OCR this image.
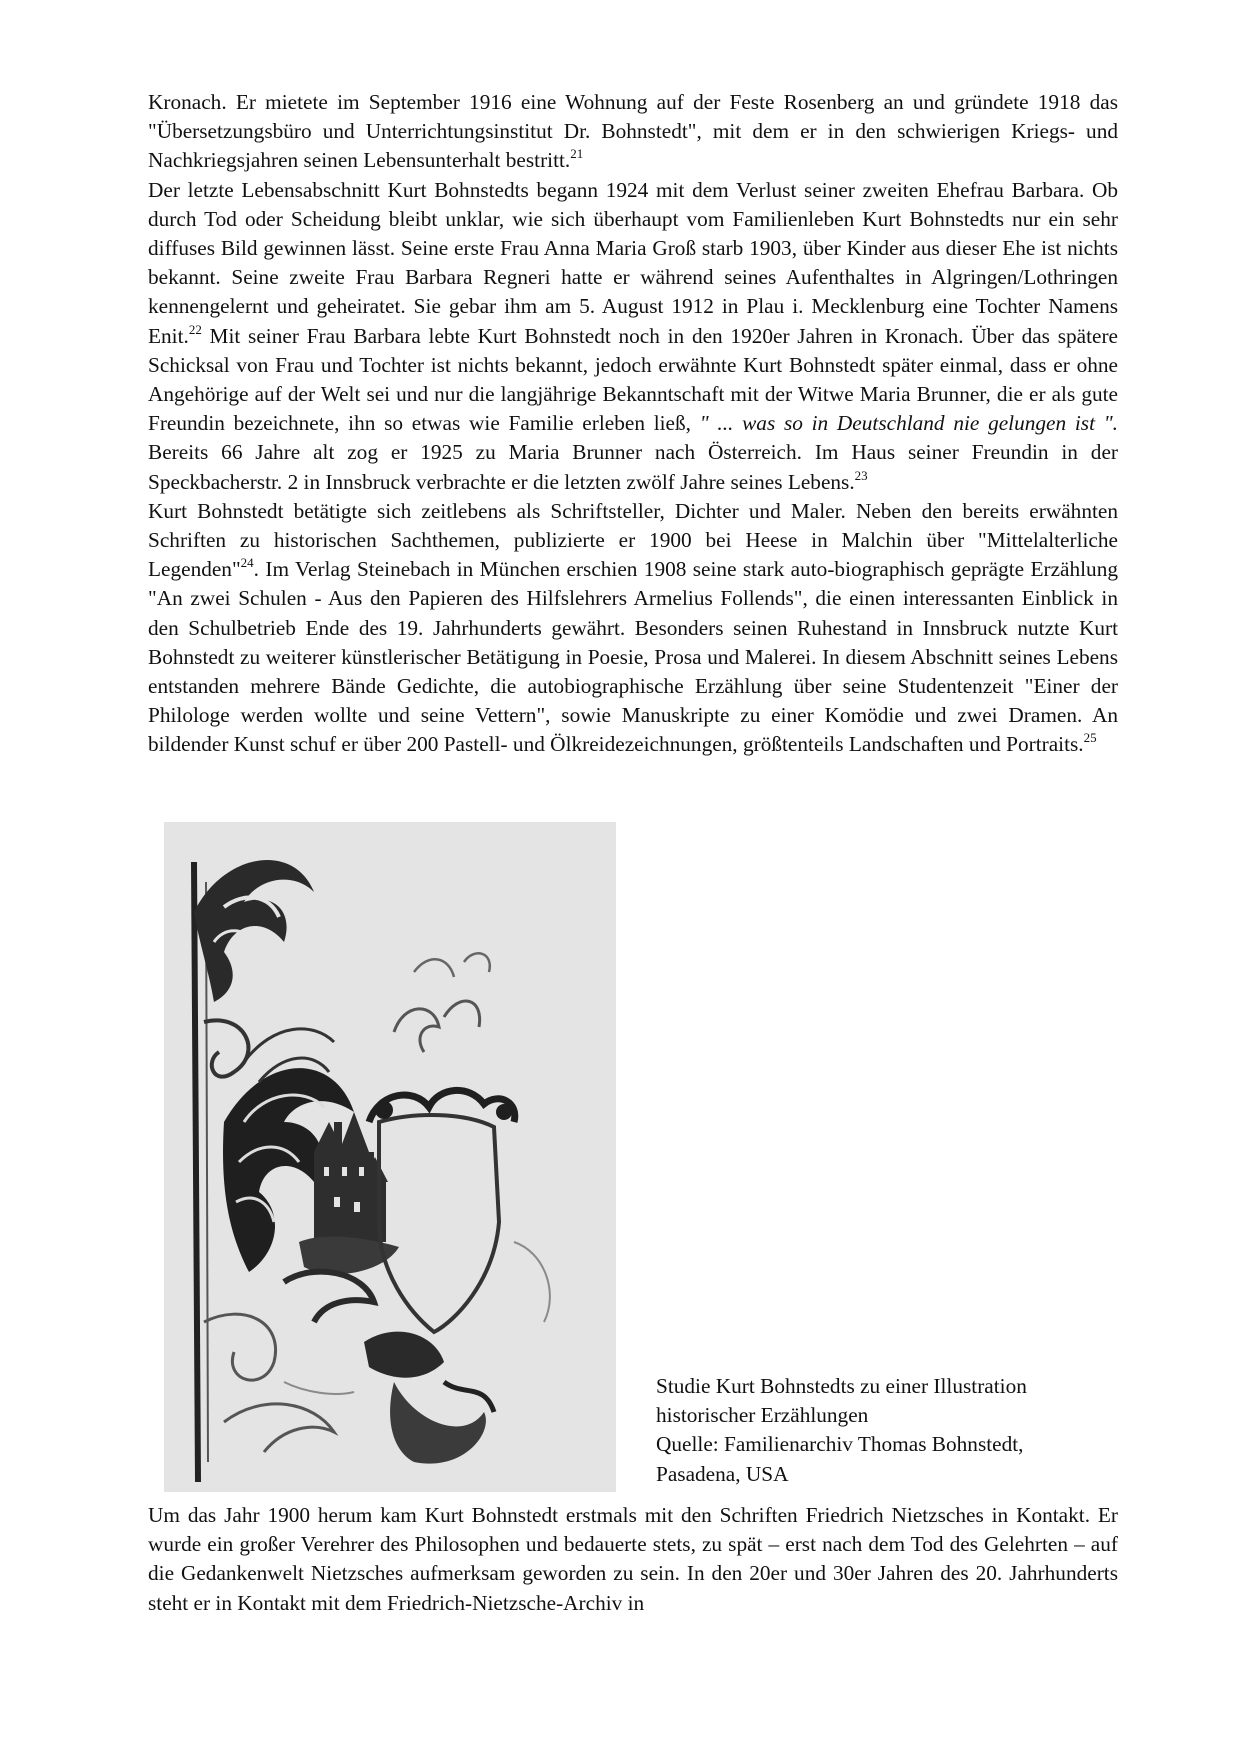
Kronach. Er mietete im September 1916 eine Wohnung auf der Feste Rosenberg an und gründete 1918 das "Übersetzungsbüro und Unterrichtungsinstitut Dr. Bohnstedt", mit dem er in den schwierigen Kriegs- und Nachkriegsjahren seinen Lebensunterhalt bestritt.$^{21}$

Der letzte Lebensabschnitt Kurt Bohnstedts begann 1924 mit dem Verlust seiner zweiten Ehefrau Barbara. Ob durch Tod oder Scheidung bleibt unklar, wie sich überhaupt vom Familienleben Kurt Bohnstedts nur ein sehr diffuses Bild gewinnen lässt. Seine erste Frau Anna Maria Groß starb 1903, über Kinder aus dieser Ehe ist nichts bekannt. Seine zweite Frau Barbara Regneri hatte er während seines Aufenthaltes in Algringen/Lothringen kennengelernt und geheiratet. Sie gebar ihm am 5. August 1912 in Plau i. Mecklenburg eine Tochter Namens Enit.$^{22}$ Mit seiner Frau Barbara lebte Kurt Bohnstedt noch in den 1920er Jahren in Kronach. Über das spätere Schicksal von Frau und Tochter ist nichts bekannt, jedoch erwähnte Kurt Bohnstedt später einmal, dass er ohne Angehörige auf der Welt sei und nur die langjährige Bekanntschaft mit der Witwe Maria Brunner, die er als gute Freundin bezeichnete, ihn so etwas wie Familie erleben ließ, " ... was so in Deutschland nie gelungen ist ". Bereits 66 Jahre alt zog er 1925 zu Maria Brunner nach Österreich. Im Haus seiner Freundin in der Speckbacherstr. 2 in Innsbruck verbrachte er die letzten zwölf Jahre seines Lebens.$^{23}$

Kurt Bohnstedt betätigte sich zeitlebens als Schriftsteller, Dichter und Maler. Neben den bereits erwähnten Schriften zu historischen Sachthemen, publizierte er 1900 bei Heese in Malchin über "Mittelalterliche Legenden"$^{24}$. Im Verlag Steinebach in München erschien 1908 seine stark auto-biographisch geprägte Erzählung "An zwei Schulen - Aus den Papieren des Hilfslehrers Armelius Follends", die einen interessanten Einblick in den Schulbetrieb Ende des 19. Jahrhunderts gewährt. Besonders seinen Ruhestand in Innsbruck nutzte Kurt Bohnstedt zu weiterer künstlerischer Betätigung in Poesie, Prosa und Malerei. In diesem Abschnitt seines Lebens entstanden mehrere Bände Gedichte, die autobiographische Erzählung über seine Studentenzeit "Einer der Philologe werden wollte und seine Vettern", sowie Manuskripte zu einer Komödie und zwei Dramen. An bildender Kunst schuf er über 200 Pastell- und Ölkreidezeichnungen, größtenteils Landschaften und Portraits.$^{25}$

Studie Kurt Bohnstedts zu einer Illustration
historischer Erzählungen
Quelle: Familienarchiv Thomas Bohnstedt,
Pasadena, USA

Um das Jahr 1900 herum kam Kurt Bohnstedt erstmals mit den Schriften Friedrich Nietzsches in Kontakt. Er wurde ein großer Verehrer des Philosophen und bedauerte stets, zu spät – erst nach dem Tod des Gelehrten – auf die Gedankenwelt Nietzsches aufmerksam geworden zu sein. In den 20er und 30er Jahren des 20. Jahrhunderts steht er in Kontakt mit dem Friedrich-Nietzsche-Archiv in
